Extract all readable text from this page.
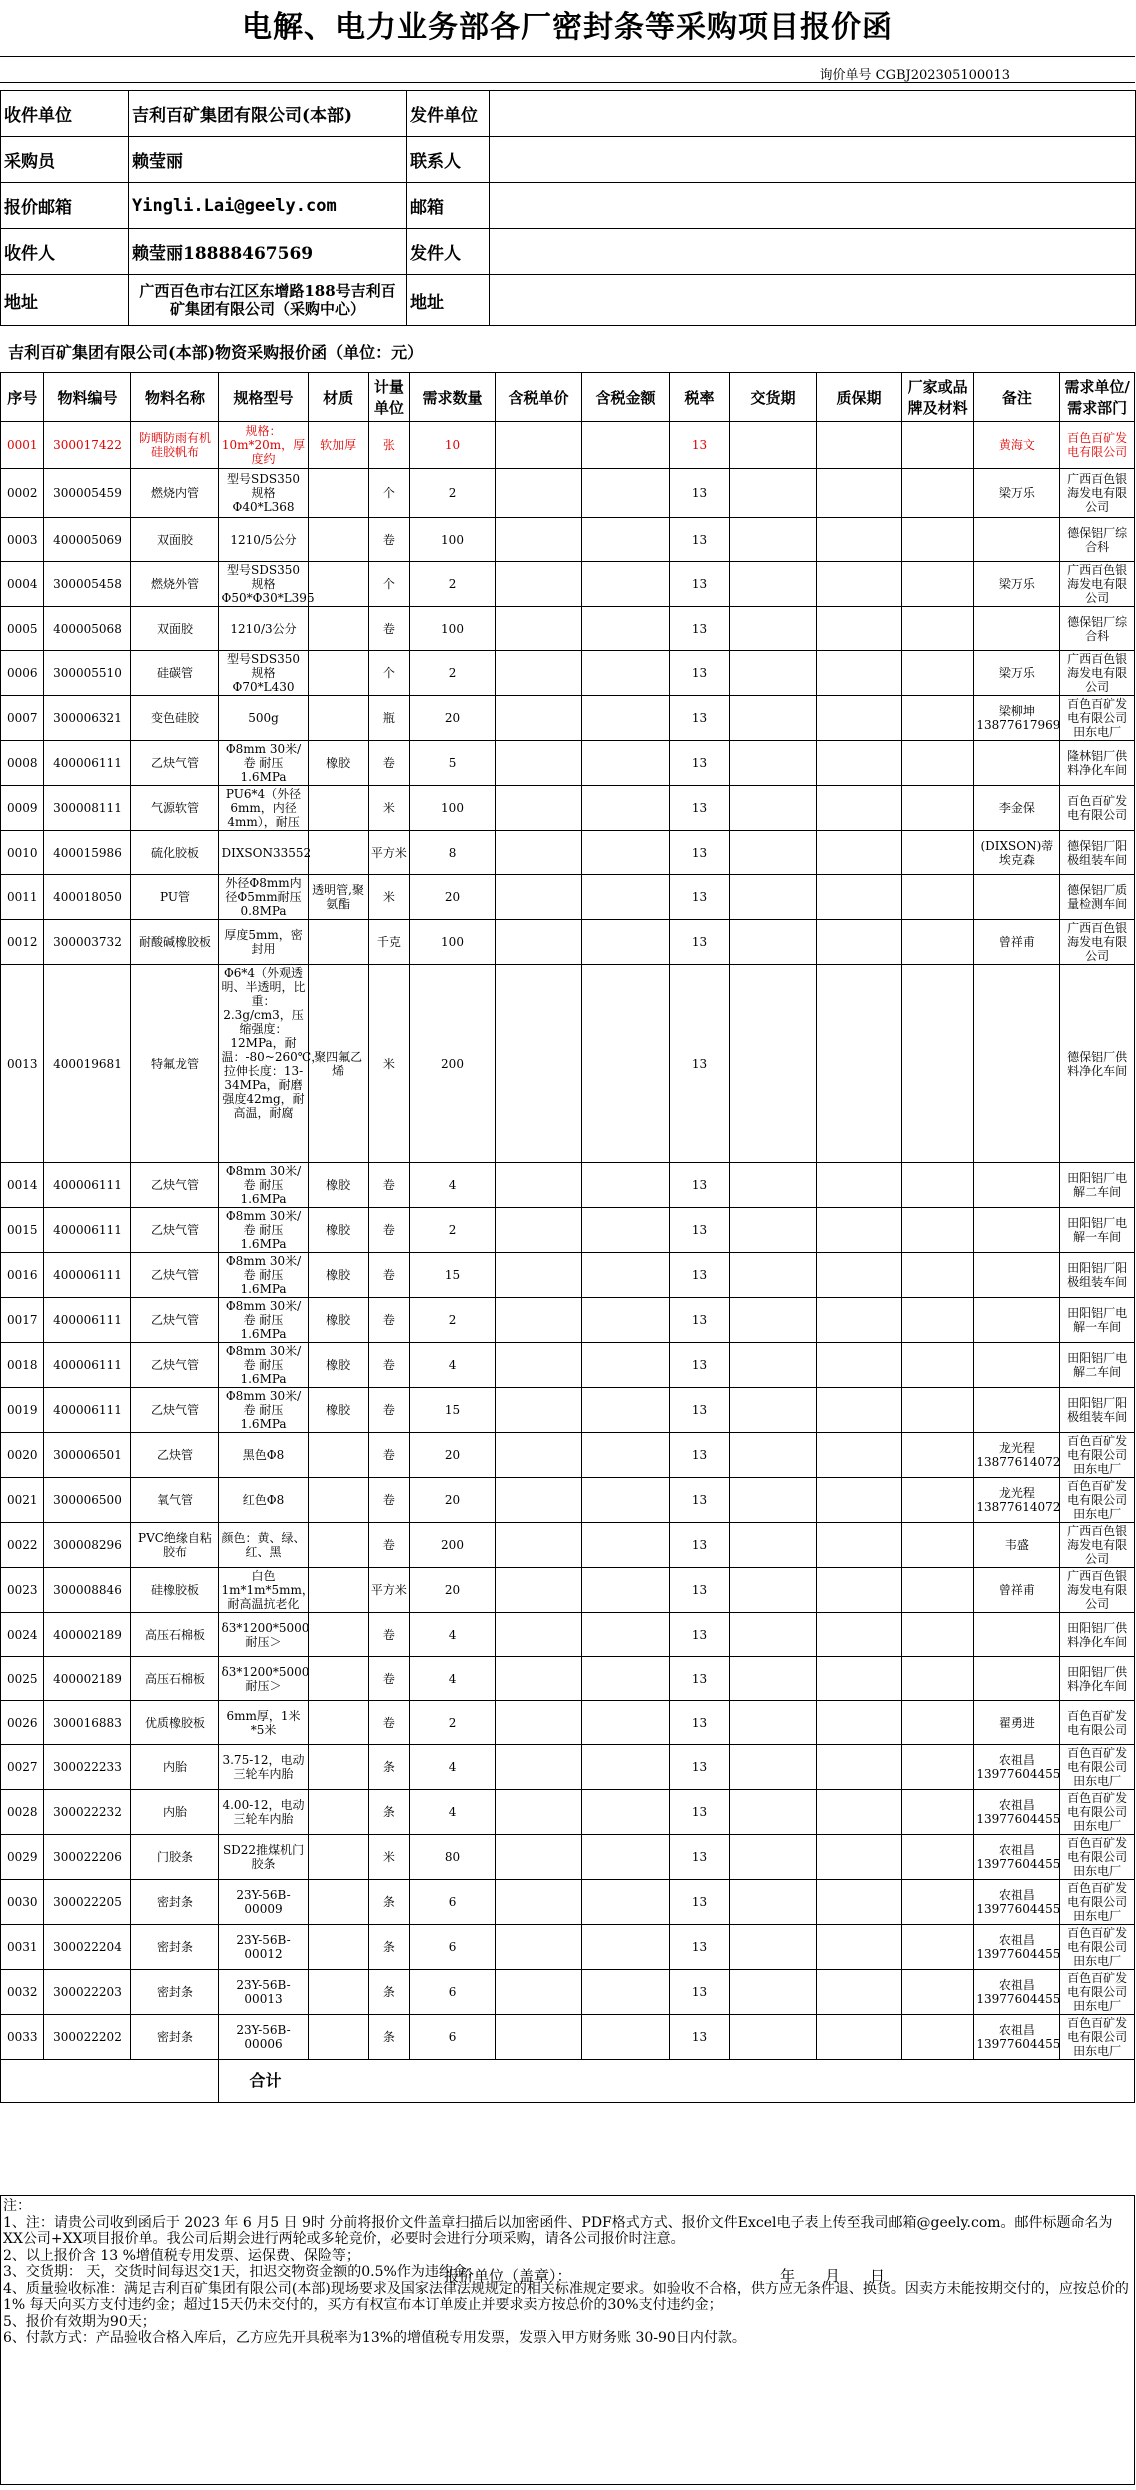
电解、电力业务部各厂密封条等采购项目报价函
询价单号 CGBJ202305100013
收件单位	吉利百矿集团有限公司(本部)	发件单位	
采购员	赖莹丽	联系人	
报价邮箱	Yingli.Lai@geely.com	邮箱	
收件人	赖莹丽18888467569	发件人	
地址	广西百色市右江区东增路188号吉利百矿集团有限公司（采购中心）	地址	
吉利百矿集团有限公司(本部)物资采购报价函（单位：元）
序号	物料编号	物料名称	规格型号	材质	计量单位	需求数量	含税单价	含税金额	税率	交货期	质保期	厂家或品牌及材料	备注	需求单位/需求部门
0001	300017422	防晒防雨有机硅胶帆布	规格：10m*20m，厚度约	软加厚	张	10			13				黄海文	百色百矿发电有限公司
0002	300005459	燃烧内管	型号SDS350规格Φ40*L368		个	2			13				梁万乐	广西百色银海发电有限公司
0003	400005069	双面胶	1210/5公分		卷	100			13					德保铝厂综合科
0004	300005458	燃烧外管	型号SDS350规格Φ50*Φ30*L395		个	2			13				梁万乐	广西百色银海发电有限公司
0005	400005068	双面胶	1210/3公分		卷	100			13					德保铝厂综合科
0006	300005510	硅碳管	型号SDS350规格Φ70*L430		个	2			13				梁万乐	广西百色银海发电有限公司
0007	300006321	变色硅胶	500g		瓶	20			13				梁柳坤13877617969	百色百矿发电有限公司田东电厂
0008	400006111	乙炔气管	Φ8mm 30米/卷 耐压1.6MPa	橡胶	卷	5			13					隆林铝厂供料净化车间
0009	300008111	气源软管	PU6*4（外径6mm，内径4mm），耐压		米	100			13				李金保	百色百矿发电有限公司
0010	400015986	硫化胶板	DIXSON33552		平方米	8			13				(DIXSON)蒂埃克森	德保铝厂阳极组装车间
0011	400018050	PU管	外径Φ8mm内径Φ5mm耐压0.8MPa	透明管,聚氨酯	米	20			13					德保铝厂质量检测车间
0012	300003732	耐酸碱橡胶板	厚度5mm，密封用		千克	100			13				曾祥甫	广西百色银海发电有限公司
0013	400019681	特氟龙管	Φ6*4（外观透明、半透明，比重：2.3g/cm3，压缩强度：12MPa，耐温：-80~260℃，拉伸长度：13-34MPa，耐磨强度42mg，耐高温，耐腐	聚四氟乙烯	米	200			13					德保铝厂供料净化车间
0014	400006111	乙炔气管	Φ8mm 30米/卷 耐压1.6MPa	橡胶	卷	4			13					田阳铝厂电解二车间
0015	400006111	乙炔气管	Φ8mm 30米/卷 耐压1.6MPa	橡胶	卷	2			13					田阳铝厂电解一车间
0016	400006111	乙炔气管	Φ8mm 30米/卷 耐压1.6MPa	橡胶	卷	15			13					田阳铝厂阳极组装车间
0017	400006111	乙炔气管	Φ8mm 30米/卷 耐压1.6MPa	橡胶	卷	2			13					田阳铝厂电解一车间
0018	400006111	乙炔气管	Φ8mm 30米/卷 耐压1.6MPa	橡胶	卷	4			13					田阳铝厂电解二车间
0019	400006111	乙炔气管	Φ8mm 30米/卷 耐压1.6MPa	橡胶	卷	15			13					田阳铝厂阳极组装车间
0020	300006501	乙炔管	黑色Φ8		卷	20			13				龙光程13877614072	百色百矿发电有限公司田东电厂
0021	300006500	氧气管	红色Φ8		卷	20			13				龙光程13877614072	百色百矿发电有限公司田东电厂
0022	300008296	PVC绝缘自粘胶布	颜色：黄、绿、红、黑		卷	200			13				韦盛	广西百色银海发电有限公司
0023	300008846	硅橡胶板	白色1m*1m*5mm，耐高温抗老化		平方米	20			13				曾祥甫	广西百色银海发电有限公司
0024	400002189	高压石棉板	δ3*1200*5000耐压＞		卷	4			13					田阳铝厂供料净化车间
0025	400002189	高压石棉板	δ3*1200*5000耐压＞		卷	4			13					田阳铝厂供料净化车间
0026	300016883	优质橡胶板	6mm厚，1米*5米		卷	2			13				翟勇进	百色百矿发电有限公司
0027	300022233	内胎	3.75-12，电动三轮车内胎		条	4			13				农祖昌13977604455	百色百矿发电有限公司田东电厂
0028	300022232	内胎	4.00-12，电动三轮车内胎		条	4			13				农祖昌13977604455	百色百矿发电有限公司田东电厂
0029	300022206	门胶条	SD22推煤机门胶条		米	80			13				农祖昌13977604455	百色百矿发电有限公司田东电厂
0030	300022205	密封条	23Y-56B-00009		条	6			13				农祖昌13977604455	百色百矿发电有限公司田东电厂
0031	300022204	密封条	23Y-56B-00012		条	6			13				农祖昌13977604455	百色百矿发电有限公司田东电厂
0032	300022203	密封条	23Y-56B-00013		条	6			13				农祖昌13977604455	百色百矿发电有限公司田东电厂
0033	300022202	密封条	23Y-56B-00006		条	6			13				农祖昌13977604455	百色百矿发电有限公司田东电厂
			合计											
注：
1、注：请贵公司收到函后于 2023 年 6 月5 日 9时 分前将报价文件盖章扫描后以加密函件、PDF格式方式、报价文件Excel电子表上传至我司邮箱@geely.com。邮件标题命名为XX公司+XX项目报价单。我公司后期会进行两轮或多轮竞价，必要时会进行分项采购，请各公司报价时注意。
2、以上报价含 13 %增值税专用发票、运保费、保险等；
3、交货期： 天，交货时间每迟交1天，扣迟交物资金额的0.5%作为违约金；
4、质量验收标准：满足吉利百矿集团有限公司(本部)现场要求及国家法律法规规定的相关标准规定要求。如验收不合格，供方应无条件退、换货。因卖方未能按期交付的，应按总价的1% 每天向买方支付违约金；超过15天仍未交付的，买方有权宣布本订单废止并要求卖方按总价的30%支付违约金；
5、报价有效期为90天；
6、付款方式：产品验收合格入库后，乙方应先开具税率为13%的增值税专用发票，发票入甲方财务账 30-90日内付款。
报价单位（盖章）：	年　　月　　日
